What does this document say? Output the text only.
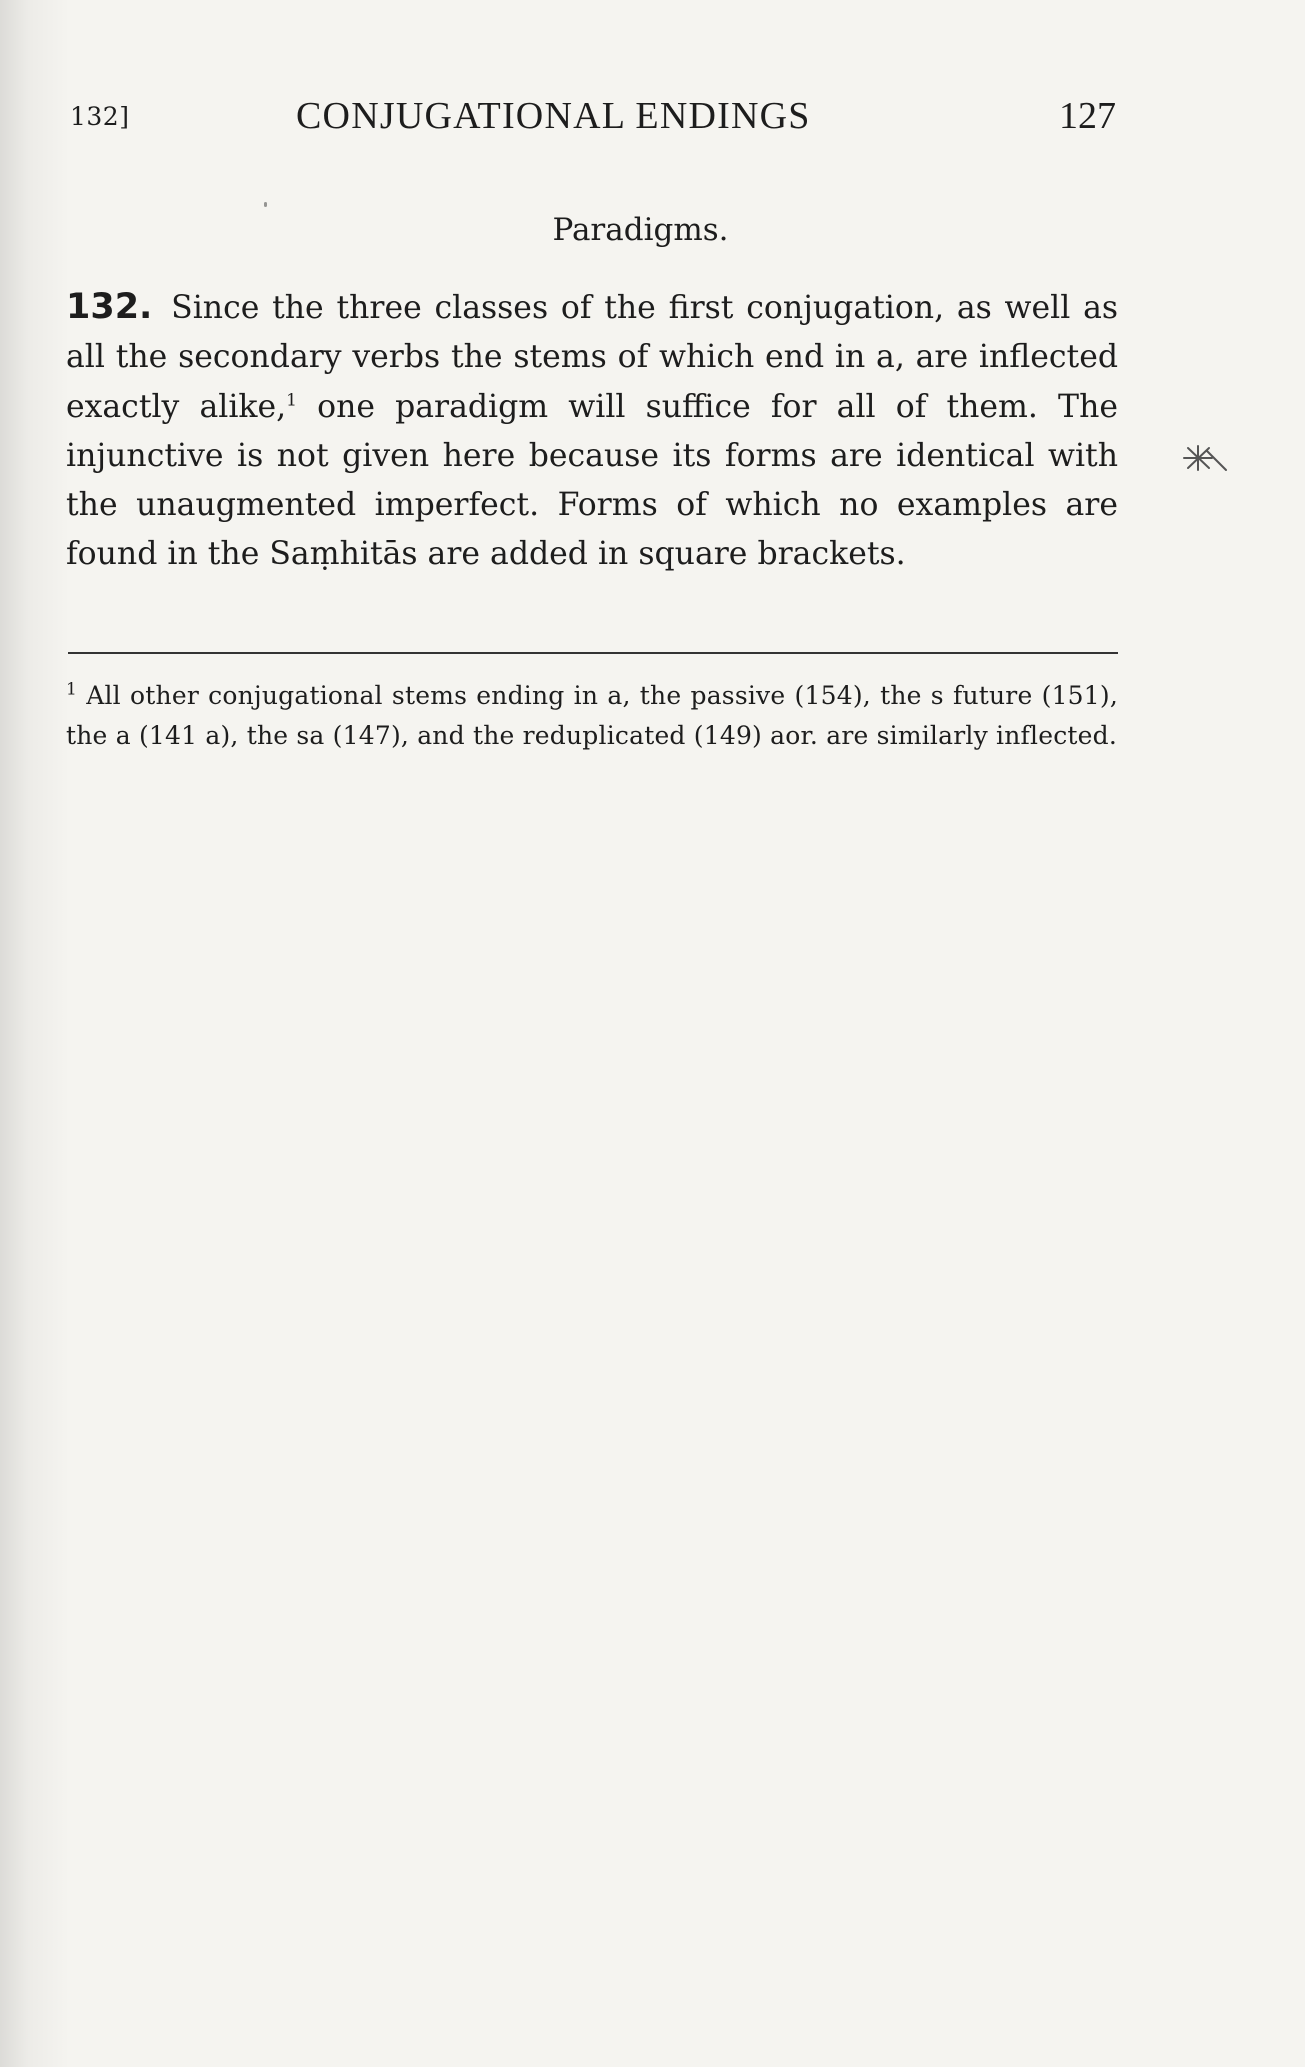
132]	CONJUGATIONAL ENDINGS	127
Paradigms.
132. Since the three classes of the first conjugation, as well as all the secondary verbs the stems of which end in a, are inflected exactly alike,$^1$ one paradigm will suffice for all of them. The injunctive is not given here because its forms are identical with the unaugmented imperfect. Forms of which no examples are found in the Saṃhitās are added in square brackets.
$^1$ All other conjugational stems ending in a, the passive (154), the s future (151), the a (141 a), the sa (147), and the reduplicated (149) aor. are similarly inflected.
